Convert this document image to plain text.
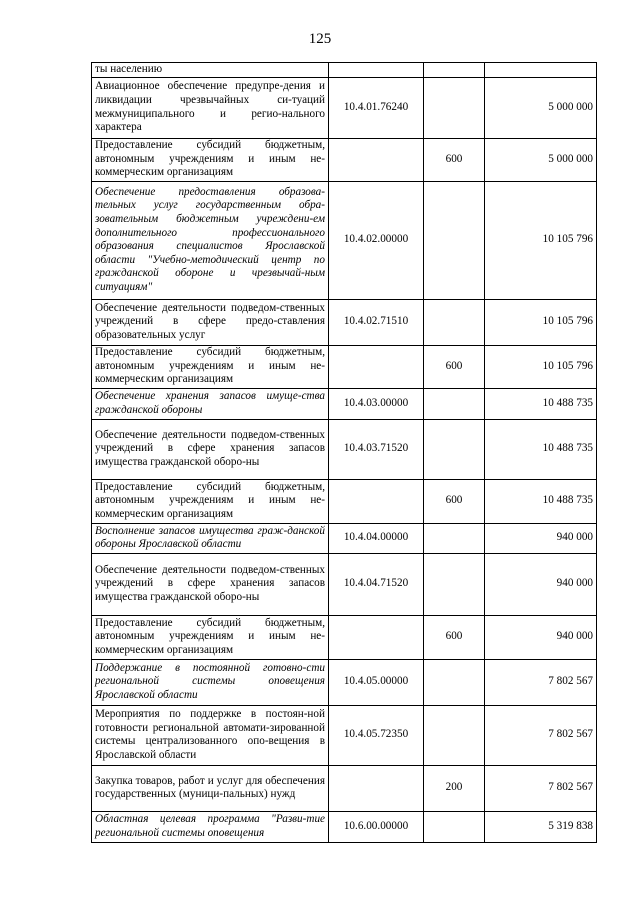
125
ты населению			
Авиационное обеспечение предупре-дения и ликвидации чрезвычайных си-туаций межмуниципального и регио-нального характера	10.4.01.76240		5 000 000
Предоставление субсидий бюджетным, автономным учреждениям и иным не-коммерческим организациям		600	5 000 000
Обеспечение предоставления образова-тельных услуг государственным обра-зовательным бюджетным учреждени-ем дополнительного профессионального образования специалистов Ярославской области "Учебно-методический центр по гражданской обороне и чрезвычай-ным ситуациям"	10.4.02.00000		10 105 796
Обеспечение деятельности подведом-ственных учреждений в сфере предо-ставления образовательных услуг	10.4.02.71510		10 105 796
Предоставление субсидий бюджетным, автономным учреждениям и иным не-коммерческим организациям		600	10 105 796
Обеспечение хранения запасов имуще-ства гражданской обороны	10.4.03.00000		10 488 735
Обеспечение деятельности подведом-ственных учреждений в сфере хранения запасов имущества гражданской оборо-ны	10.4.03.71520		10 488 735
Предоставление субсидий бюджетным, автономным учреждениям и иным не-коммерческим организациям		600	10 488 735
Восполнение запасов имущества граж-данской обороны Ярославской области	10.4.04.00000		940 000
Обеспечение деятельности подведом-ственных учреждений в сфере хранения запасов имущества гражданской оборо-ны	10.4.04.71520		940 000
Предоставление субсидий бюджетным, автономным учреждениям и иным не-коммерческим организациям		600	940 000
Поддержание в постоянной готовно-сти региональной системы оповещения Ярославской области	10.4.05.00000		7 802 567
Мероприятия по поддержке в постоян-ной готовности региональной автомати-зированной системы централизованного опо-вещения в Ярославской области	10.4.05.72350		7 802 567
Закупка товаров, работ и услуг для обеспечения государственных (муници-пальных) нужд		200	7 802 567
Областная целевая программа "Разви-тие региональной системы оповещения	10.6.00.00000		5 319 838
